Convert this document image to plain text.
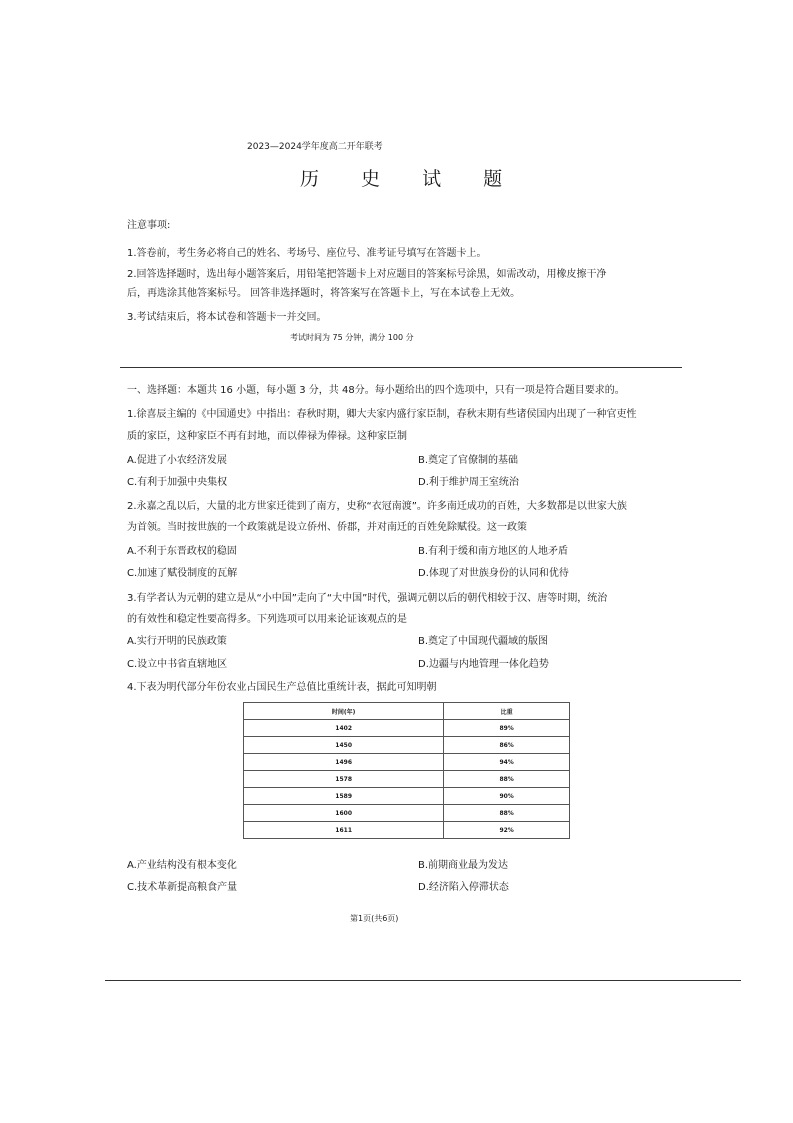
2023—2024学年度高二开年联考
历 史 试 题
注意事项:
1.答卷前，考生务必将自己的姓名、考场号、座位号、准考证号填写在答题卡上。
2.回答选择题时，选出每小题答案后，用铅笔把答题卡上对应题目的答案标号涂黑，如需改动，用橡皮擦干净
后，再选涂其他答案标号。 回答非选择题时，将答案写在答题卡上，写在本试卷上无效。
3.考试结束后，将本试卷和答题卡一并交回。
考试时间为 75 分钟，满分 100 分
一、选择题：本题共 16 小题，每小题 3 分，共 48分。每小题给出的四个选项中，只有一项是符合题目要求的。
1.徐喜辰主编的《中国通史》中指出：春秋时期，卿大夫家内盛行家臣制，春秋末期有些诸侯国内出现了一种官吏性
质的家臣，这种家臣不再有封地，而以俸禄为俸禄。这种家臣制
A.促进了小农经济发展	B.奠定了官僚制的基础
C.有利于加强中央集权	D.利于维护周王室统治
2.永嘉之乱以后，大量的北方世家迁徙到了南方，史称“衣冠南渡”。许多南迁成功的百姓，大多数都是以世家大族
为首领。当时按世族的一个政策就是设立侨州、侨郡，并对南迁的百姓免除赋役。这一政策
A.不利于东晋政权的稳固	B.有利于缓和南方地区的人地矛盾
C.加速了赋役制度的瓦解	D.体现了对世族身份的认同和优待
3.有学者认为元朝的建立是从“小中国”走向了“大中国”时代，强调元朝以后的朝代相较于汉、唐等时期，统治
的有效性和稳定性要高得多。下列选项可以用来论证该观点的是
A.实行开明的民族政策	B.奠定了中国现代疆域的版图
C.设立中书省直辖地区	D.边疆与内地管理一体化趋势
4.下表为明代部分年份农业占国民生产总值比重统计表，据此可知明朝
时间(年)	比重
1402	89%
1450	86%
1496	94%
1578	88%
1589	90%
1600	88%
1611	92%
A.产业结构没有根本变化	B.前期商业最为发达
C.技术革新提高粮食产量	D.经济陷入停滞状态
第1页(共6页)
